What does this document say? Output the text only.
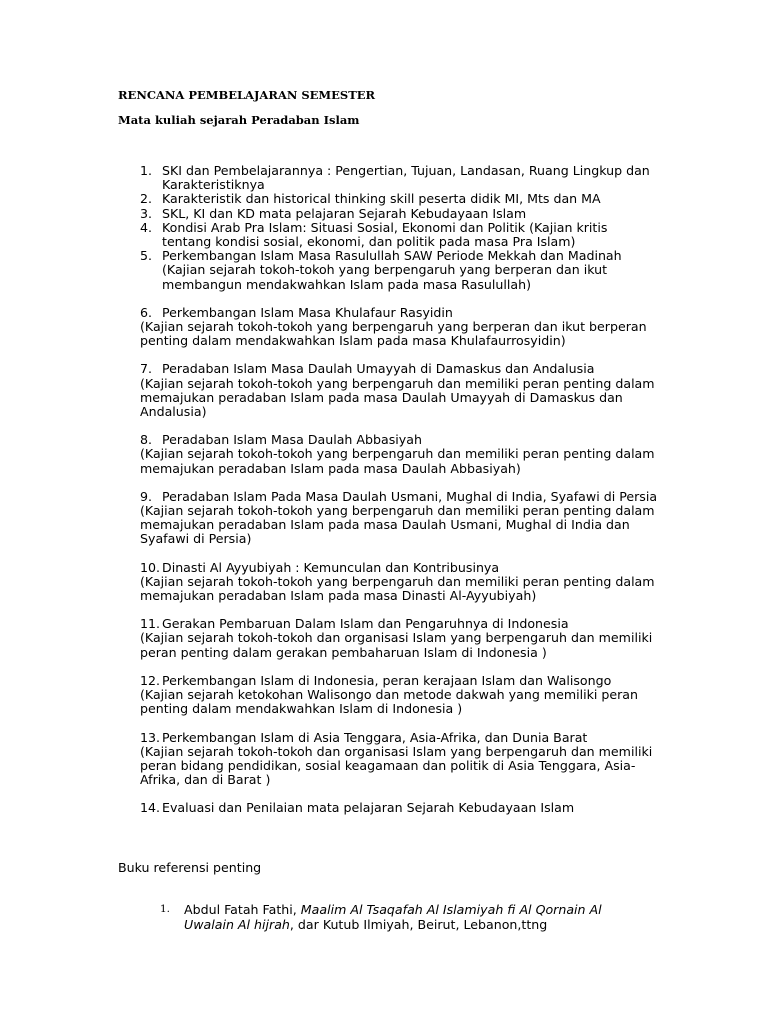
RENCANA PEMBELAJARAN SEMESTER
Mata kuliah sejarah Peradaban Islam
1. SKI dan Pembelajarannya : Pengertian, Tujuan, Landasan, Ruang Lingkup dan Karakteristiknya
2. Karakteristik dan historical thinking skill peserta didik MI, Mts dan MA
3. SKL, KI dan KD mata pelajaran Sejarah Kebudayaan Islam
4. Kondisi Arab Pra Islam: Situasi Sosial, Ekonomi dan Politik (Kajian kritis tentang kondisi sosial, ekonomi, dan politik pada masa Pra Islam)
5. Perkembangan Islam Masa Rasulullah SAW Periode Mekkah dan Madinah (Kajian sejarah tokoh-tokoh yang berpengaruh yang berperan dan ikut membangun mendakwahkan Islam pada masa Rasulullah)
6. Perkembangan Islam Masa Khulafaur Rasyidin
(Kajian sejarah tokoh-tokoh yang berpengaruh yang berperan dan ikut berperan penting dalam mendakwahkan Islam pada masa Khulafaurrosyidin)
7. Peradaban Islam Masa Daulah Umayyah di Damaskus dan Andalusia
(Kajian sejarah tokoh-tokoh yang berpengaruh dan memiliki peran penting dalam memajukan peradaban Islam pada masa Daulah Umayyah di Damaskus dan Andalusia)
8. Peradaban Islam Masa Daulah Abbasiyah
(Kajian sejarah tokoh-tokoh yang berpengaruh dan memiliki peran penting dalam memajukan peradaban Islam pada masa Daulah Abbasiyah)
9. Peradaban Islam Pada Masa Daulah Usmani, Mughal di India, Syafawi di Persia
(Kajian sejarah tokoh-tokoh yang berpengaruh dan memiliki peran penting dalam memajukan peradaban Islam pada masa Daulah Usmani, Mughal di India dan Syafawi di Persia)
10. Dinasti Al Ayyubiyah : Kemunculan dan Kontribusinya
(Kajian sejarah tokoh-tokoh yang berpengaruh dan memiliki peran penting dalam memajukan peradaban Islam pada masa Dinasti Al-Ayyubiyah)
11. Gerakan Pembaruan Dalam Islam dan Pengaruhnya di Indonesia
(Kajian sejarah tokoh-tokoh dan organisasi Islam yang berpengaruh dan memiliki peran penting dalam gerakan pembaharuan Islam di Indonesia )
12. Perkembangan Islam di Indonesia, peran kerajaan Islam dan Walisongo
(Kajian sejarah ketokohan Walisongo dan metode dakwah yang memiliki peran penting dalam mendakwahkan Islam di Indonesia )
13. Perkembangan Islam di Asia Tenggara, Asia-Afrika, dan Dunia Barat
(Kajian sejarah tokoh-tokoh dan organisasi Islam yang berpengaruh dan memiliki peran bidang pendidikan, sosial keagamaan dan politik di Asia Tenggara, Asia-Afrika, dan di Barat )
14. Evaluasi dan Penilaian mata pelajaran Sejarah Kebudayaan Islam
Buku referensi penting
1.	Abdul Fatah Fathi, Maalim Al Tsaqafah Al Islamiyah fi Al Qornain Al Uwalain Al hijrah, dar Kutub Ilmiyah, Beirut, Lebanon,ttng
